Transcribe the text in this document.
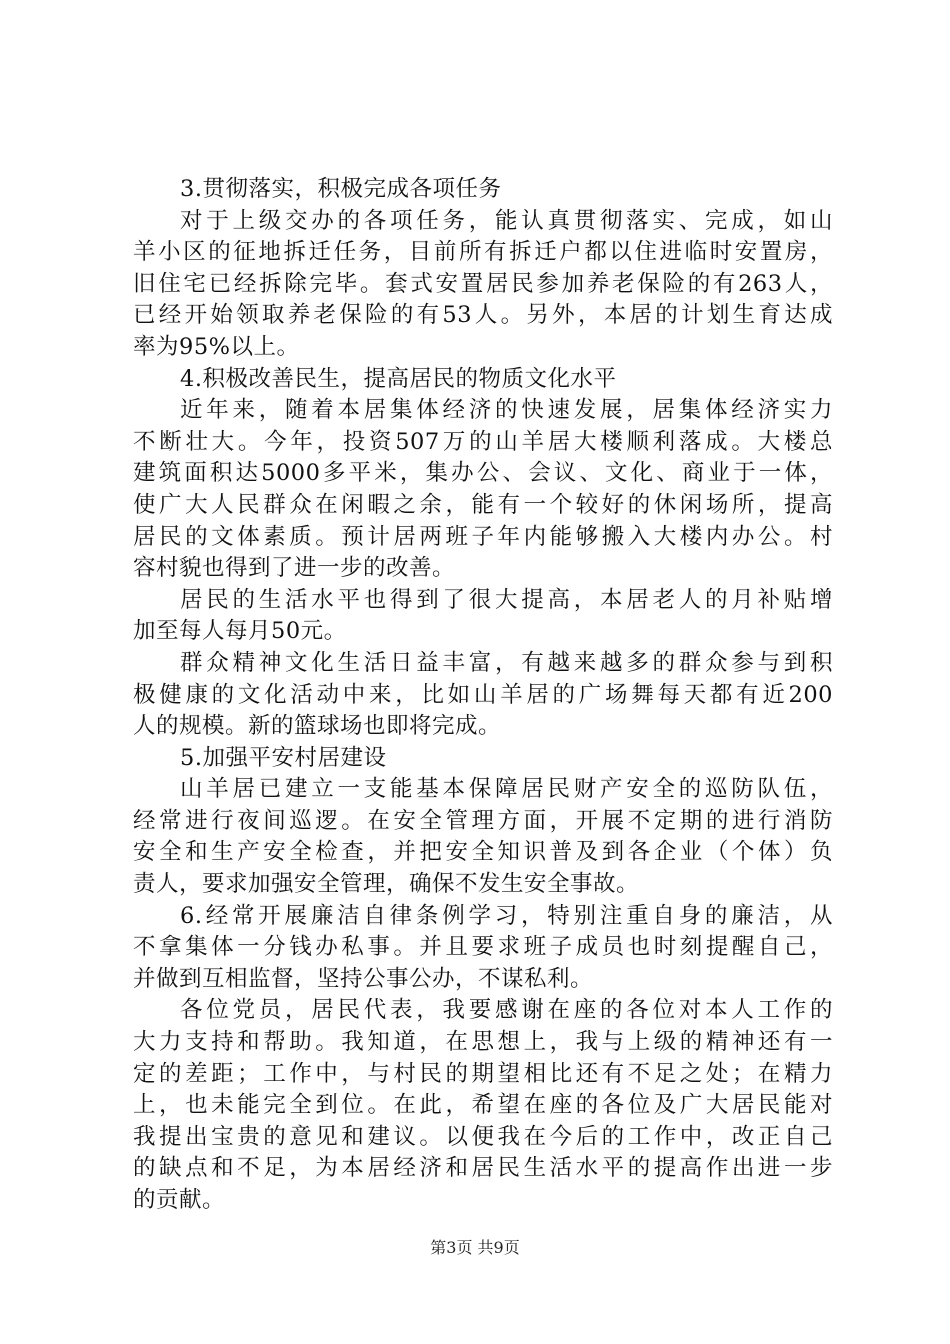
3.贯彻落实，积极完成各项任务
对于上级交办的各项任务，能认真贯彻落实、完成，如山
羊小区的征地拆迁任务，目前所有拆迁户都以住进临时安置房，
旧住宅已经拆除完毕。套式安置居民参加养老保险的有263人，
已经开始领取养老保险的有53人。另外，本居的计划生育达成
率为95%以上。
4.积极改善民生，提高居民的物质文化水平
近年来，随着本居集体经济的快速发展，居集体经济实力
不断壮大。今年，投资507万的山羊居大楼顺利落成。大楼总
建筑面积达5000多平米，集办公、会议、文化、商业于一体，
使广大人民群众在闲暇之余，能有一个较好的休闲场所，提高
居民的文体素质。预计居两班子年内能够搬入大楼内办公。村
容村貌也得到了进一步的改善。
居民的生活水平也得到了很大提高，本居老人的月补贴增
加至每人每月50元。
群众精神文化生活日益丰富，有越来越多的群众参与到积
极健康的文化活动中来，比如山羊居的广场舞每天都有近200
人的规模。新的篮球场也即将完成。
5.加强平安村居建设
山羊居已建立一支能基本保障居民财产安全的巡防队伍，
经常进行夜间巡逻。在安全管理方面，开展不定期的进行消防
安全和生产安全检查，并把安全知识普及到各企业（个体）负
责人，要求加强安全管理，确保不发生安全事故。
6.经常开展廉洁自律条例学习，特别注重自身的廉洁，从
不拿集体一分钱办私事。并且要求班子成员也时刻提醒自己，
并做到互相监督，坚持公事公办，不谋私利。
各位党员，居民代表，我要感谢在座的各位对本人工作的
大力支持和帮助。我知道，在思想上，我与上级的精神还有一
定的差距；工作中，与村民的期望相比还有不足之处；在精力
上，也未能完全到位。在此，希望在座的各位及广大居民能对
我提出宝贵的意见和建议。以便我在今后的工作中，改正自己
的缺点和不足，为本居经济和居民生活水平的提高作出进一步
的贡献。
第3页 共9页
